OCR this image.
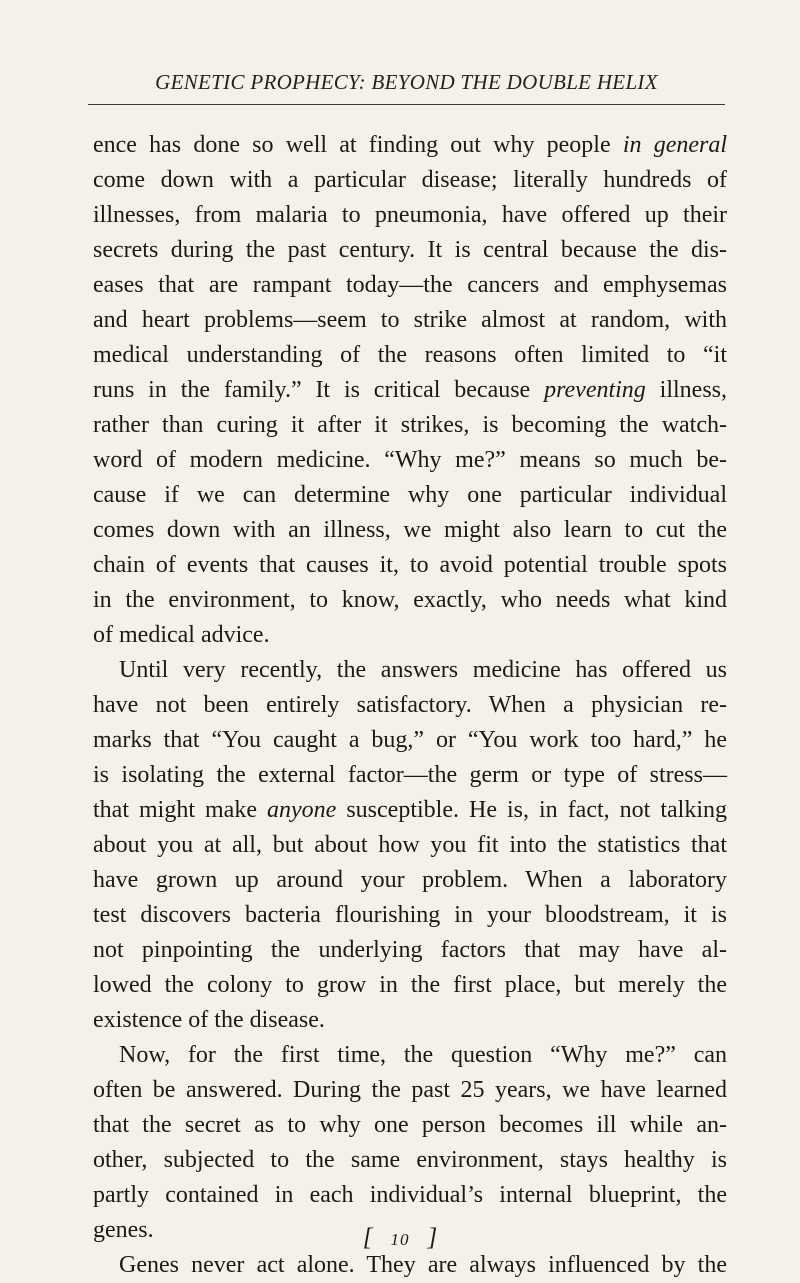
GENETIC PROPHECY: BEYOND THE DOUBLE HELIX
ence has done so well at finding out why people in general
come down with a particular disease; literally hundreds of
illnesses, from malaria to pneumonia, have offered up their
secrets during the past century. It is central because the dis-
eases that are rampant today—the cancers and emphysemas
and heart problems—seem to strike almost at random, with
medical understanding of the reasons often limited to “it
runs in the family.” It is critical because preventing illness,
rather than curing it after it strikes, is becoming the watch-
word of modern medicine. “Why me?” means so much be-
cause if we can determine why one particular individual
comes down with an illness, we might also learn to cut the
chain of events that causes it, to avoid potential trouble spots
in the environment, to know, exactly, who needs what kind
of medical advice.
Until very recently, the answers medicine has offered us
have not been entirely satisfactory. When a physician re-
marks that “You caught a bug,” or “You work too hard,” he
is isolating the external factor—the germ or type of stress—
that might make anyone susceptible. He is, in fact, not talking
about you at all, but about how you fit into the statistics that
have grown up around your problem. When a laboratory
test discovers bacteria flourishing in your bloodstream, it is
not pinpointing the underlying factors that may have al-
lowed the colony to grow in the first place, but merely the
existence of the disease.
Now, for the first time, the question “Why me?” can
often be answered. During the past 25 years, we have learned
that the secret as to why one person becomes ill while an-
other, subjected to the same environment, stays healthy is
partly contained in each individual’s internal blueprint, the
genes.
Genes never act alone. They are always influenced by the
[ 10 ]
